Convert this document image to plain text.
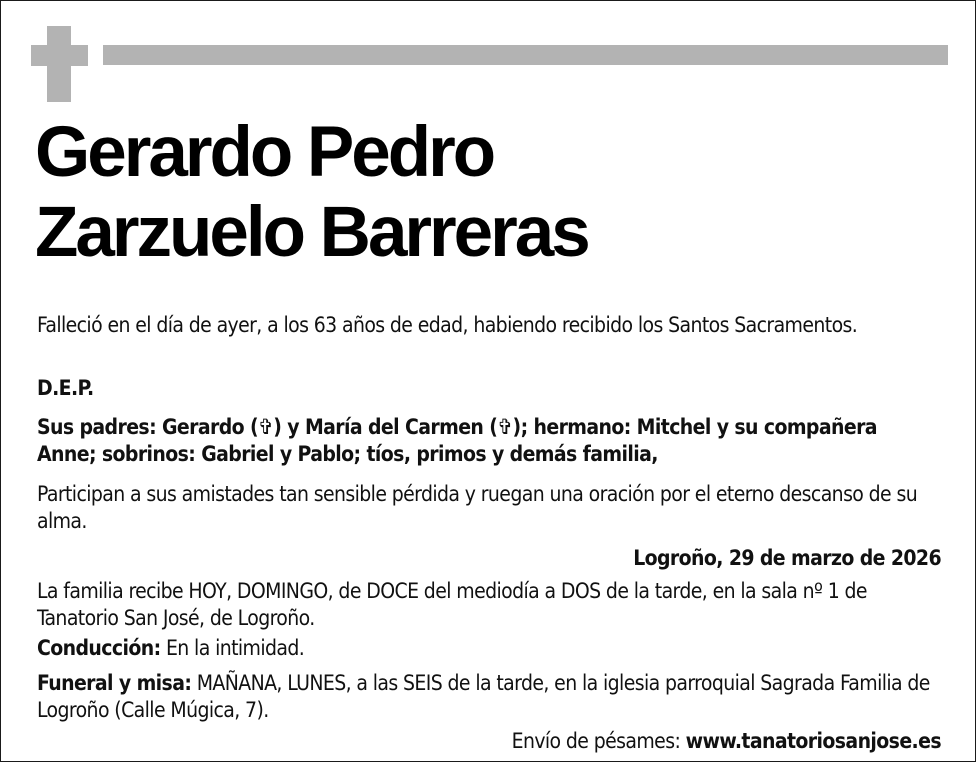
Gerardo Pedro
Zarzuelo Barreras

Falleció en el día de ayer, a los 63 años de edad, habiendo recibido los Santos Sacramentos.

D.E.P.

Sus padres: Gerardo (✞) y María del Carmen (✞); hermano: Mitchel y su compañera Anne; sobrinos: Gabriel y Pablo; tíos, primos y demás familia,

Participan a sus amistades tan sensible pérdida y ruegan una oración por el eterno descanso de su alma.

Logroño, 29 de marzo de 2026

La familia recibe HOY, DOMINGO, de DOCE del mediodía a DOS de la tarde, en la sala nº 1 de Tanatorio San José, de Logroño.

Conducción: En la intimidad.

Funeral y misa: MAÑANA, LUNES, a las SEIS de la tarde, en la iglesia parroquial Sagrada Familia de Logroño (Calle Múgica, 7).

Envío de pésames: www.tanatoriosanjose.es
